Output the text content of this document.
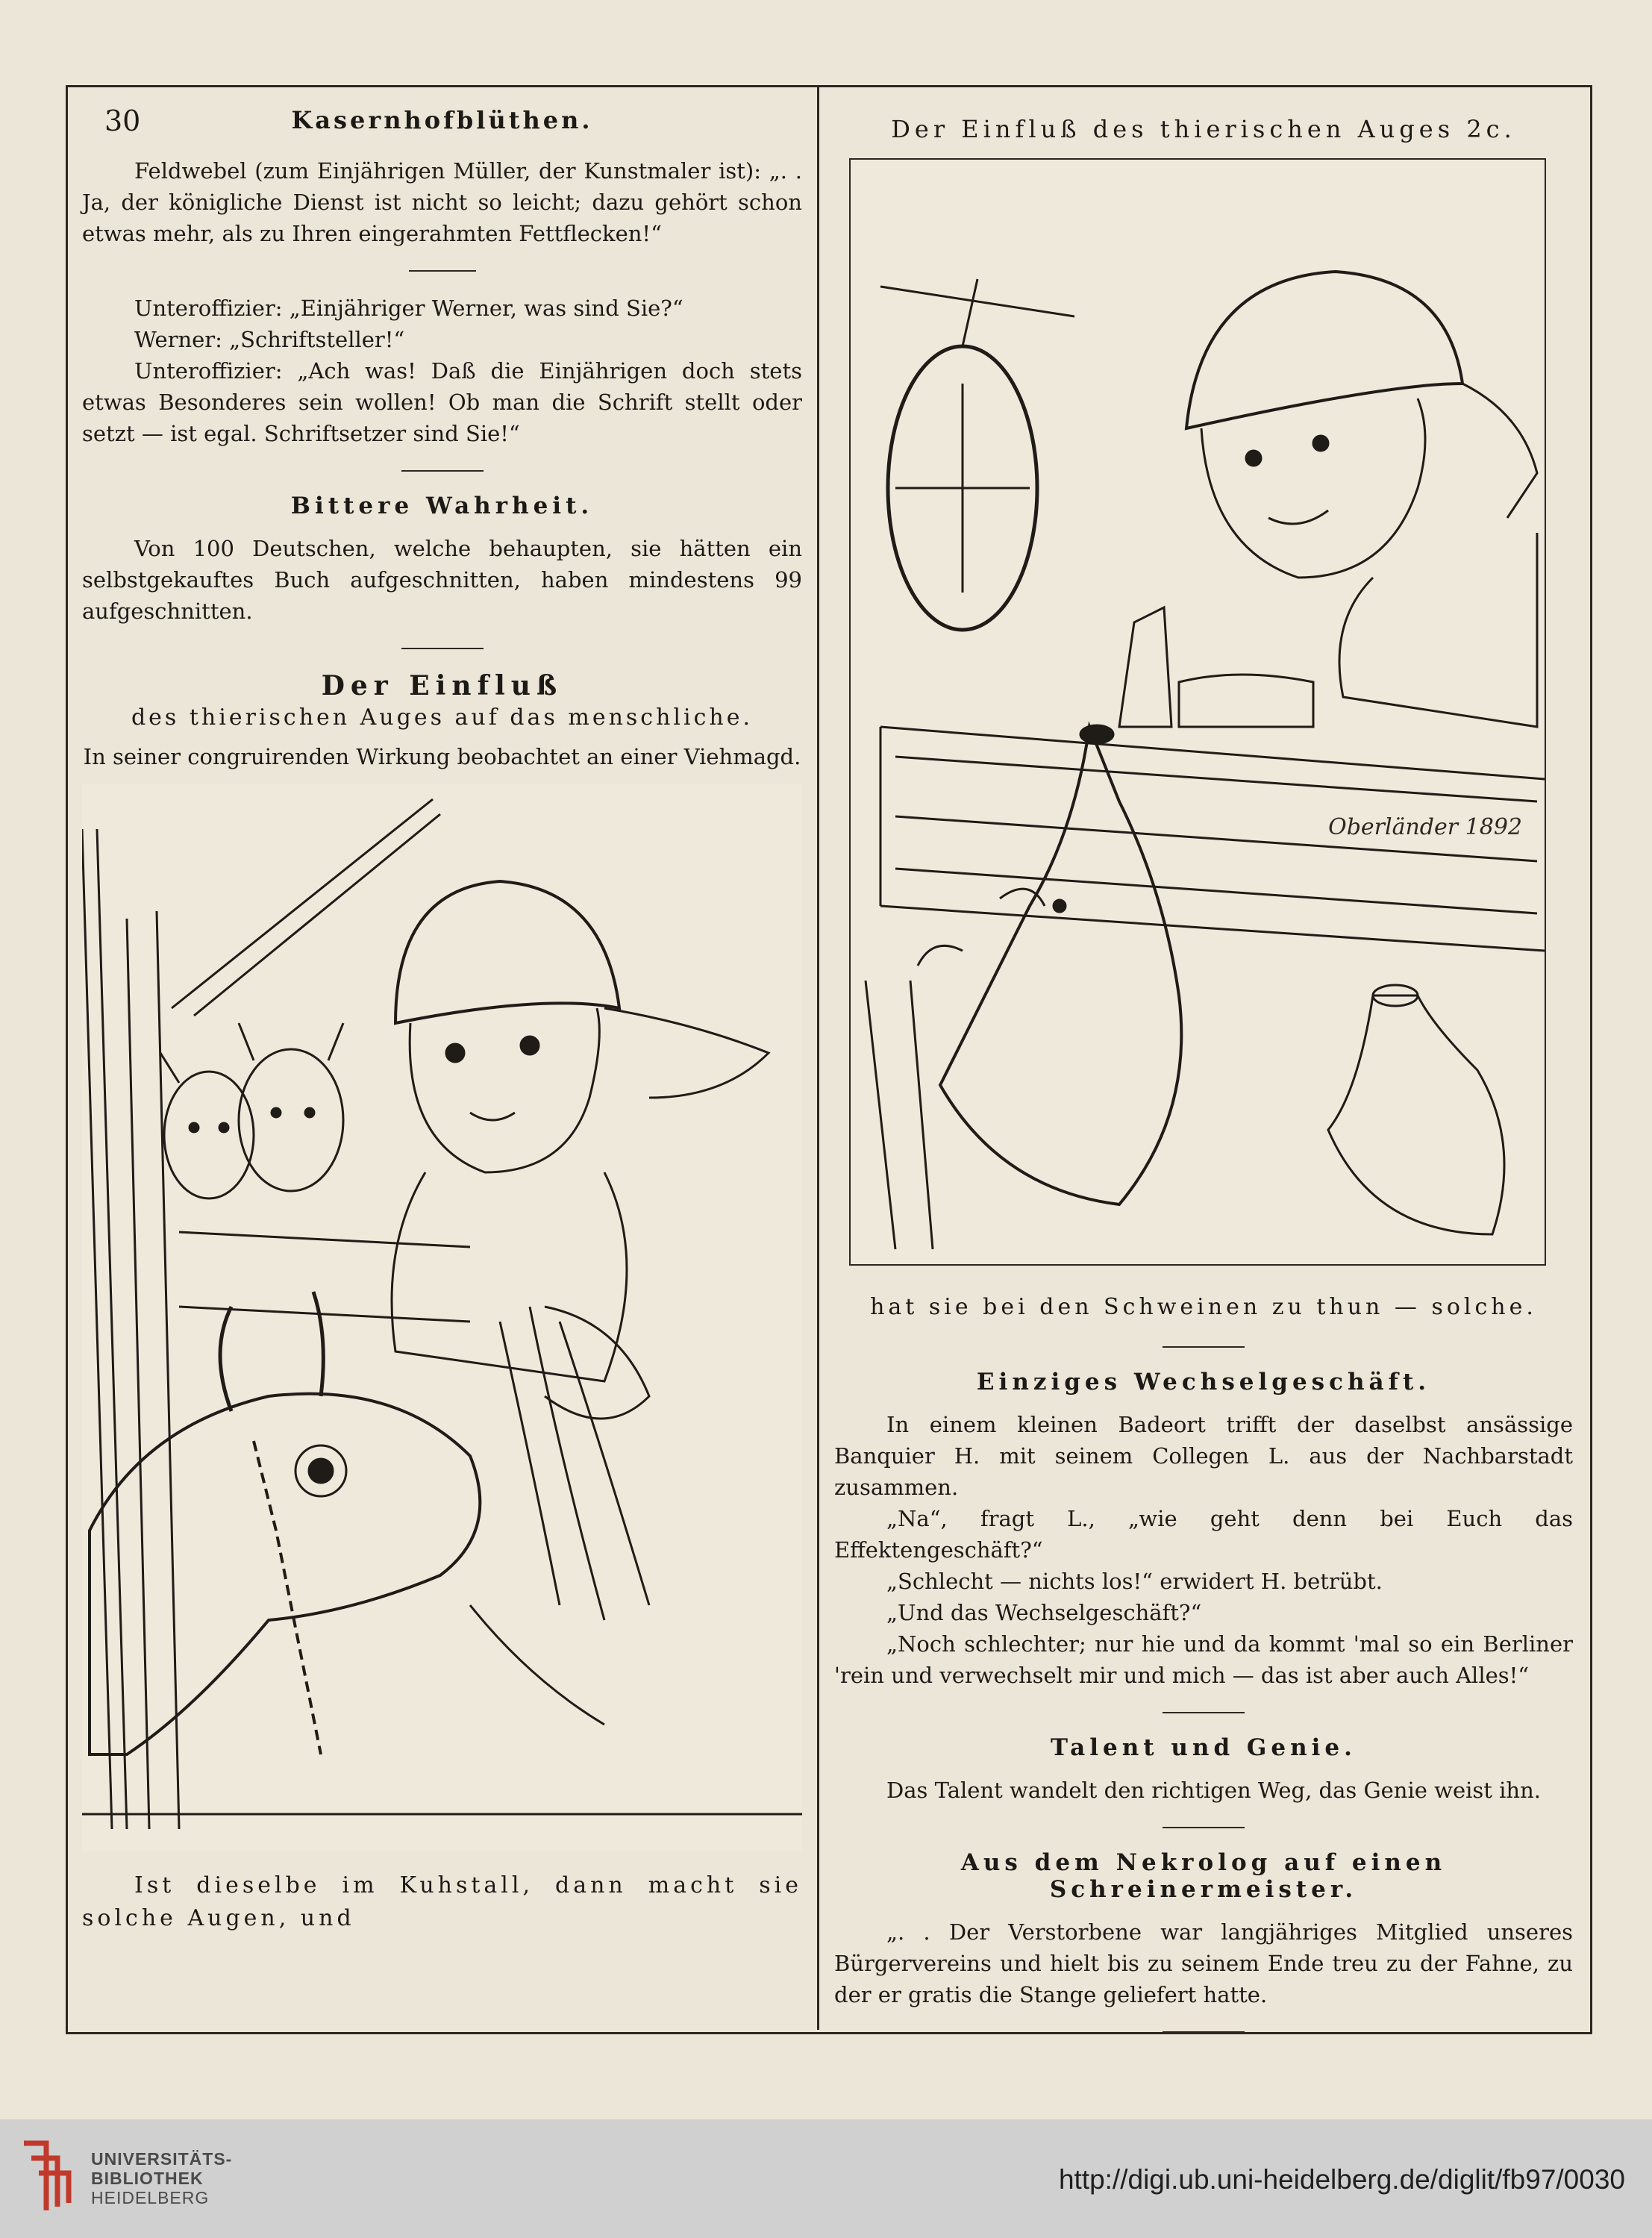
30	Kasernhofblüthen.

Feldwebel (zum Einjährigen Müller, der Kunstmaler ist): „. . Ja, der königliche Dienst ist nicht so leicht; dazu gehört schon etwas mehr, als zu Ihren eingerahmten Fettflecken!“

Unteroffizier: „Einjähriger Werner, was sind Sie?“

Werner: „Schriftsteller!“

Unteroffizier: „Ach was! Daß die Einjährigen doch stets etwas Besonderes sein wollen! Ob man die Schrift stellt oder setzt — ist egal. Schriftsetzer sind Sie!“

Bittere Wahrheit.

Von 100 Deutschen, welche behaupten, sie hätten ein selbstgekauftes Buch aufgeschnitten, haben mindestens 99 aufgeschnitten.

Der Einfluß
des thierischen Auges auf das menschliche.
In seiner congruirenden Wirkung beobachtet an einer Viehmagd.

Ist dieselbe im Kuhstall, dann macht sie solche Augen, und

Der Einfluß des thierischen Auges 2c.
Oberländer 1892

hat sie bei den Schweinen zu thun — solche.

Einziges Wechselgeschäft.

In einem kleinen Badeort trifft der daselbst ansässige Banquier H. mit seinem Collegen L. aus der Nachbarstadt zusammen.

„Na“, fragt L., „wie geht denn bei Euch das Effektengeschäft?“

„Schlecht — nichts los!“ erwidert H. betrübt.

„Und das Wechselgeschäft?“

„Noch schlechter; nur hie und da kommt 'mal so ein Berliner 'rein und verwechselt mir und mich — das ist aber auch Alles!“

Talent und Genie.

Das Talent wandelt den richtigen Weg, das Genie weist ihn.

Aus dem Nekrolog auf einen Schreinermeister.

„. . Der Verstorbene war langjähriges Mitglied unseres Bürgervereins und hielt bis zu seinem Ende treu zu der Fahne, zu der er gratis die Stange geliefert hatte.

UNIVERSITÄTS-
BIBLIOTHEK
HEIDELBERG
http://digi.ub.uni-heidelberg.de/diglit/fb97/0030
